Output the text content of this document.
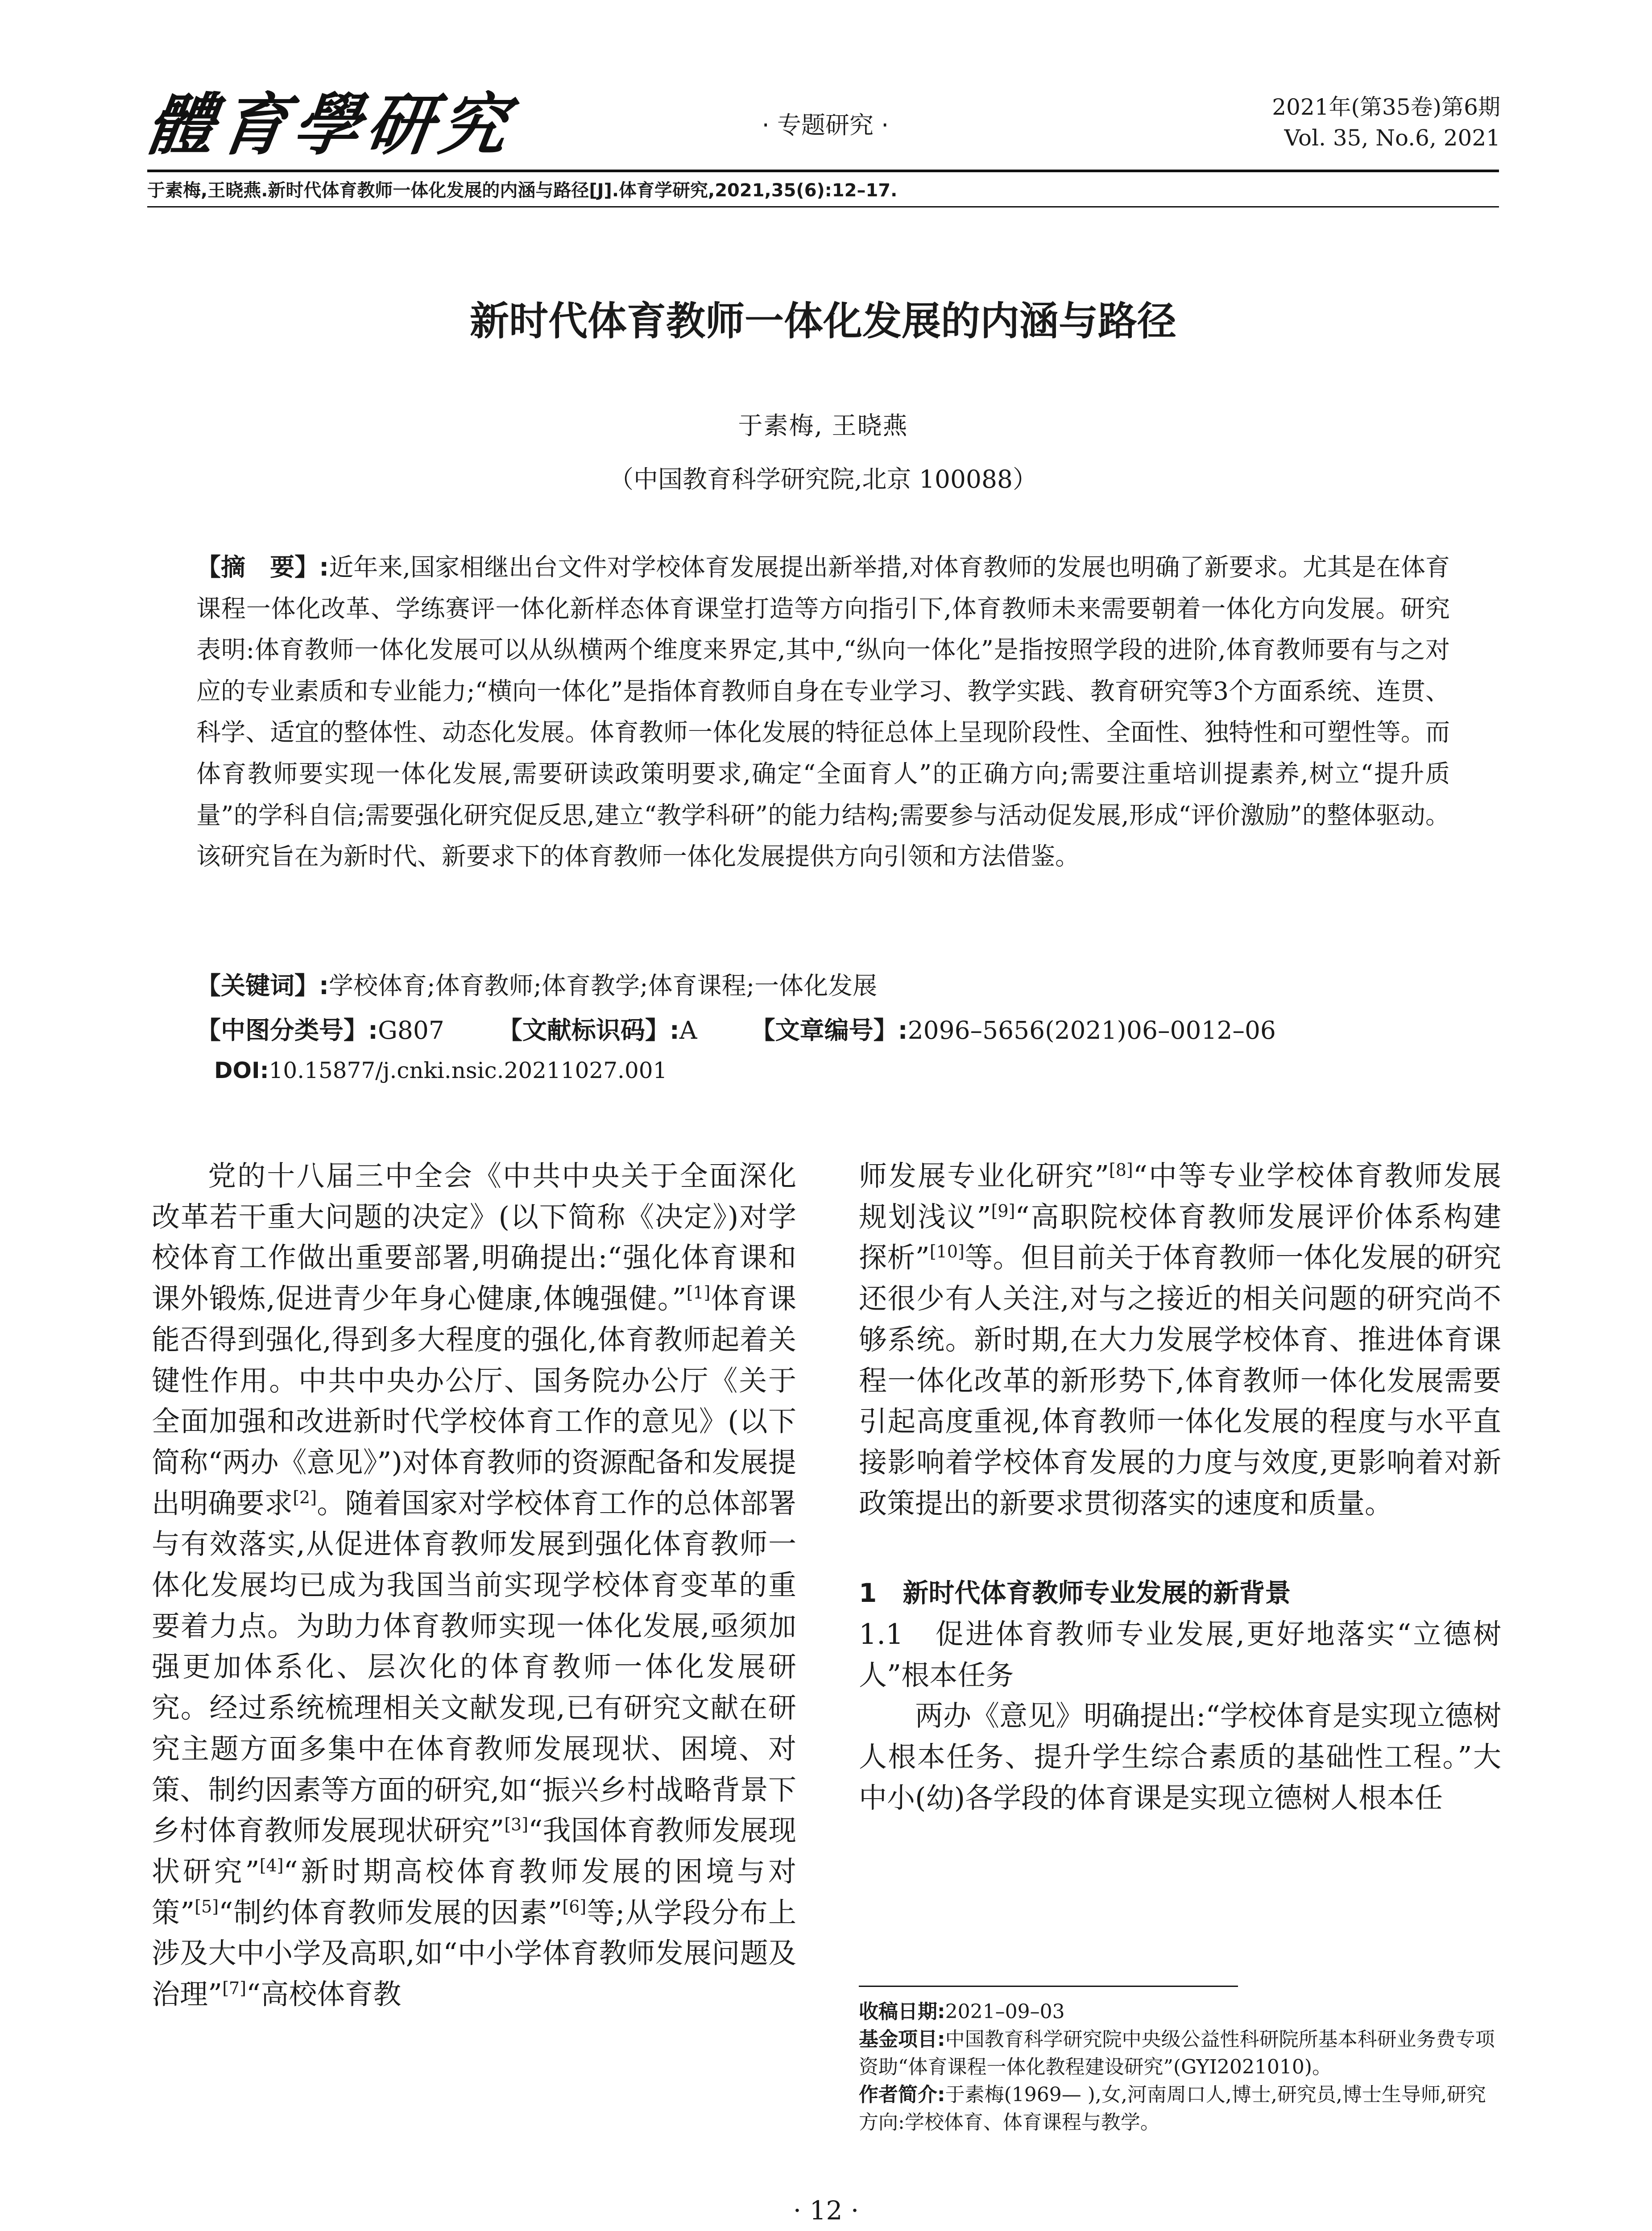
體育學研究	· 专题研究 ·
2021年(第35卷)第6期
Vol. 35, No.6, 2021
于素梅,王晓燕.新时代体育教师一体化发展的内涵与路径[J].体育学研究,2021,35(6):12–17.
新时代体育教师一体化发展的内涵与路径
于素梅, 王晓燕
（中国教育科学研究院,北京 100088）
【摘　要】:近年来,国家相继出台文件对学校体育发展提出新举措,对体育教师的发展也明确了新要求。尤其是在体育课程一体化改革、学练赛评一体化新样态体育课堂打造等方向指引下,体育教师未来需要朝着一体化方向发展。研究表明:体育教师一体化发展可以从纵横两个维度来界定,其中,“纵向一体化”是指按照学段的进阶,体育教师要有与之对应的专业素质和专业能力;“横向一体化”是指体育教师自身在专业学习、教学实践、教育研究等3个方面系统、连贯、科学、适宜的整体性、动态化发展。体育教师一体化发展的特征总体上呈现阶段性、全面性、独特性和可塑性等。而体育教师要实现一体化发展,需要研读政策明要求,确定“全面育人”的正确方向;需要注重培训提素养,树立“提升质量”的学科自信;需要强化研究促反思,建立“教学科研”的能力结构;需要参与活动促发展,形成“评价激励”的整体驱动。该研究旨在为新时代、新要求下的体育教师一体化发展提供方向引领和方法借鉴。
【关键词】:学校体育;体育教师;体育教学;体育课程;一体化发展
【中图分类号】:G807 【文献标识码】:A 【文章编号】:2096–5656(2021)06–0012–06
DOI:10.15877/j.cnki.nsic.20211027.001

党的十八届三中全会《中共中央关于全面深化改革若干重大问题的决定》(以下简称《决定》)对学校体育工作做出重要部署,明确提出:“强化体育课和课外锻炼,促进青少年身心健康,体魄强健。”[1]体育课能否得到强化,得到多大程度的强化,体育教师起着关键性作用。中共中央办公厅、国务院办公厅《关于全面加强和改进新时代学校体育工作的意见》(以下简称“两办《意见》”)对体育教师的资源配备和发展提出明确要求[2]。随着国家对学校体育工作的总体部署与有效落实,从促进体育教师发展到强化体育教师一体化发展均已成为我国当前实现学校体育变革的重要着力点。为助力体育教师实现一体化发展,亟须加强更加体系化、层次化的体育教师一体化发展研究。经过系统梳理相关文献发现,已有研究文献在研究主题方面多集中在体育教师发展现状、困境、对策、制约因素等方面的研究,如“振兴乡村战略背景下乡村体育教师发展现状研究”[3]“我国体育教师发展现状研究”[4]“新时期高校体育教师发展的困境与对策”[5]“制约体育教师发展的因素”[6]等;从学段分布上涉及大中小学及高职,如“中小学体育教师发展问题及治理”[7]“高校体育教

师发展专业化研究”[8]“中等专业学校体育教师发展规划浅议”[9]“高职院校体育教师发展评价体系构建探析”[10]等。但目前关于体育教师一体化发展的研究还很少有人关注,对与之接近的相关问题的研究尚不够系统。新时期,在大力发展学校体育、推进体育课程一体化改革的新形势下,体育教师一体化发展需要引起高度重视,体育教师一体化发展的程度与水平直接影响着学校体育发展的力度与效度,更影响着对新政策提出的新要求贯彻落实的速度和质量。

1　新时代体育教师专业发展的新背景

1.1　促进体育教师专业发展,更好地落实“立德树人”根本任务

两办《意见》明确提出:“学校体育是实现立德树人根本任务、提升学生综合素质的基础性工程。”大中小(幼)各学段的体育课是实现立德树人根本任

收稿日期:2021–09–03
基金项目:中国教育科学研究院中央级公益性科研院所基本科研业务费专项资助“体育课程一体化教程建设研究”(GYI2021010)。
作者简介:于素梅(1969— ),女,河南周口人,博士,研究员,博士生导师,研究方向:学校体育、体育课程与教学。
· 12 ·
